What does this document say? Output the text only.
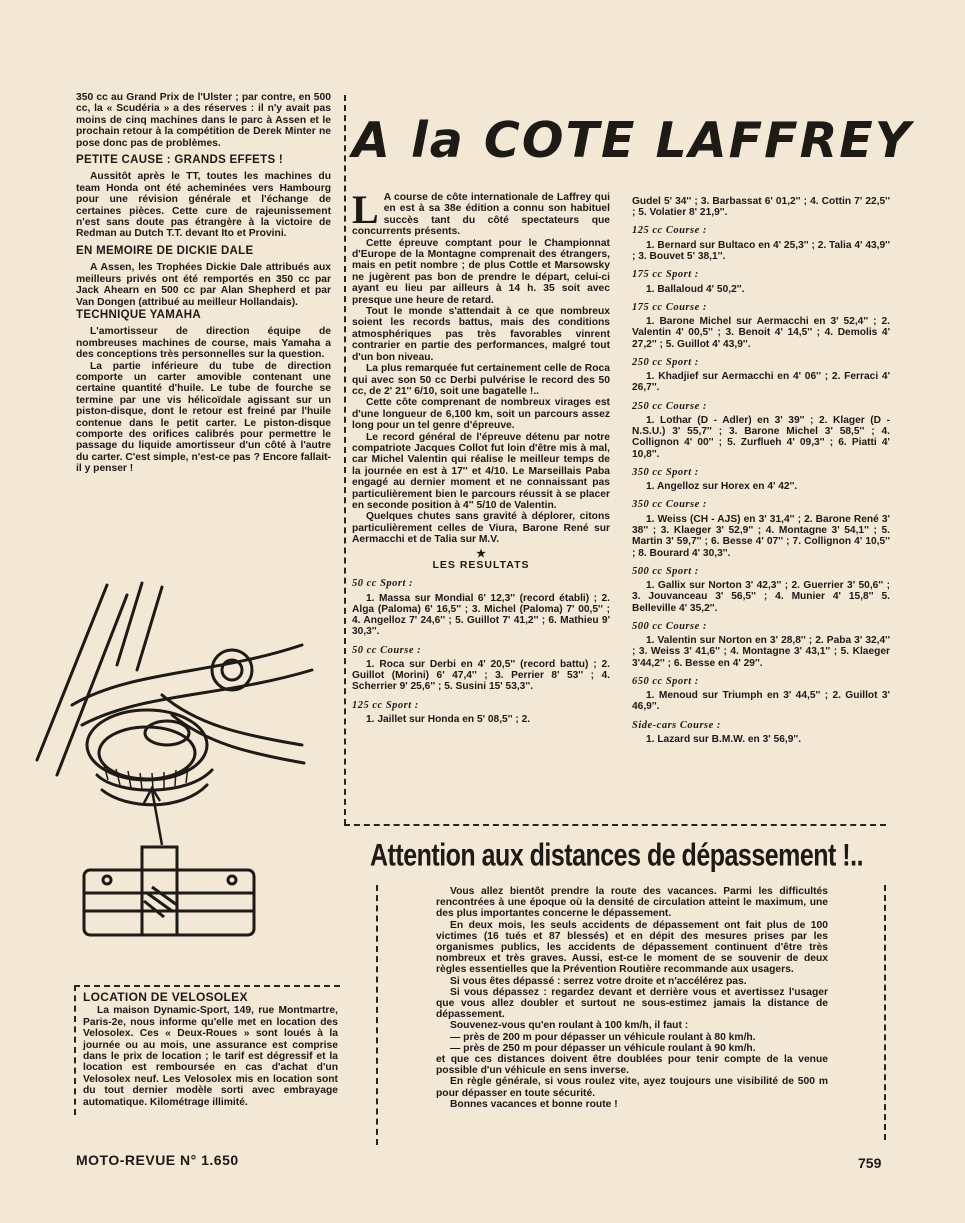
350 cc au Grand Prix de l'Ulster ; par contre, en 500 cc, la « Scudéria » a des réserves : il n'y avait pas moins de cinq machines dans le parc à Assen et le prochain retour à la compétition de Derek Minter ne pose donc pas de problèmes.

PETITE CAUSE : GRANDS EFFETS !

Aussitôt après le TT, toutes les machines du team Honda ont été acheminées vers Hambourg pour une révision générale et l'échange de certaines pièces. Cette cure de rajeunissement n'est sans doute pas étrangère à la victoire de Redman au Dutch T.T. devant Ito et Provini.

EN MEMOIRE DE DICKIE DALE

A Assen, les Trophées Dickie Dale attribués aux meilleurs privés ont été remportés en 350 cc par Jack Ahearn en 500 cc par Alan Shepherd et par Van Dongen (attribué au meilleur Hollandais).

TECHNIQUE YAMAHA

L'amortisseur de direction équipe de nombreuses machines de course, mais Yamaha a des conceptions très personnelles sur la question.

La partie inférieure du tube de direction comporte un carter amovible contenant une certaine quantité d'huile. Le tube de fourche se termine par une vis hélicoïdale agissant sur un piston-disque, dont le retour est freiné par l'huile contenue dans le petit carter. Le piston-disque comporte des orifices calibrés pour permettre le passage du liquide amortisseur d'un côté à l'autre du carter. C'est simple, n'est-ce pas ? Encore fallait-il y penser !

LOCATION DE VELOSOLEX

La maison Dynamic-Sport, 149, rue Montmartre, Paris-2e, nous informe qu'elle met en location des Velosolex. Ces « Deux-Roues » sont loués à la journée ou au mois, une assurance est comprise dans le prix de location ; le tarif est dégressif et la location est remboursée en cas d'achat d'un Velosolex neuf. Les Velosolex mis en location sont du tout dernier modèle sorti avec embrayage automatique. Kilométrage illimité.

A la COTE LAFFREY
L A course de côte internationale de Laffrey qui en est à sa 38e édition a connu son habituel succès tant du côté spectateurs que concurrents présents.

Cette épreuve comptant pour le Championnat d'Europe de la Montagne comprenait des étrangers, mais en petit nombre ; de plus Cottle et Marsowsky ne jugèrent pas bon de prendre le départ, celui-ci ayant eu lieu par ailleurs à 14 h. 35 soit avec presque une heure de retard.

Tout le monde s'attendait à ce que nombreux soient les records battus, mais des conditions atmosphériques pas très favorables vinrent contrarier en partie des performances, malgré tout d'un bon niveau.

La plus remarquée fut certainement celle de Roca qui avec son 50 cc Derbi pulvérise le record des 50 cc, de 2' 21'' 6/10, soit une bagatelle !..

Cette côte comprenant de nombreux virages est d'une longueur de 6,100 km, soit un parcours assez long pour un tel genre d'épreuve.

Le record général de l'épreuve détenu par notre compatriote Jacques Collot fut loin d'être mis à mal, car Michel Valentin qui réalise le meilleur temps de la journée en est à 17'' et 4/10. Le Marseillais Paba engagé au dernier moment et ne connaissant pas particulièrement bien le parcours réussit à se placer en seconde position à 4'' 5/10 de Valentin.

Quelques chutes sans gravité à déplorer, citons particulièrement celles de Viura, Barone René sur Aermacchi et de Talia sur M.V.

★
LES RESULTATS
50 cc Sport :

1. Massa sur Mondial 6' 12,3'' (record établi) ; 2. Alga (Paloma) 6' 16,5'' ; 3. Michel (Paloma) 7' 00,5'' ; 4. Angelloz 7' 24,6'' ; 5. Guillot 7' 41,2'' ; 6. Mathieu 9' 30,3''.

50 cc Course :

1. Roca sur Derbi en 4' 20,5'' (record battu) ; 2. Guillot (Morini) 6' 47,4'' ; 3. Perrier 8' 53'' ; 4. Scherrier 9' 25,6'' ; 5. Susini 15' 53,3''.

125 cc Sport :

1. Jaillet sur Honda en 5' 08,5'' ; 2.

Gudel 5' 34'' ; 3. Barbassat 6' 01,2'' ; 4. Cottin 7' 22,5'' ; 5. Volatier 8' 21,9''.

125 cc Course :

1. Bernard sur Bultaco en 4' 25,3'' ; 2. Talia 4' 43,9'' ; 3. Bouvet 5' 38,1''.

175 cc Sport :

1. Ballaloud 4' 50,2''.

175 cc Course :

1. Barone Michel sur Aermacchi en 3' 52,4'' ; 2. Valentin 4' 00,5'' ; 3. Benoit 4' 14,5'' ; 4. Demolis 4' 27,2'' ; 5. Guillot 4' 43,9''.

250 cc Sport :

1. Khadjief sur Aermacchi en 4' 06'' ; 2. Ferraci 4' 26,7''.

250 cc Course :

1. Lothar (D - Adler) en 3' 39'' ; 2. Klager (D - N.S.U.) 3' 55,7'' ; 3. Barone Michel 3' 58,5'' ; 4. Collignon 4' 00'' ; 5. Zurflueh 4' 09,3'' ; 6. Piatti 4' 10,8''.

350 cc Sport :

1. Angelloz sur Horex en 4' 42''.

350 cc Course :

1. Weiss (CH - AJS) en 3' 31,4'' ; 2. Barone René 3' 38'' ; 3. Klaeger 3' 52,9'' ; 4. Montagne 3' 54,1'' ; 5. Martin 3' 59,7'' ; 6. Besse 4' 07'' ; 7. Collignon 4' 10,5'' ; 8. Bourard 4' 30,3''.

500 cc Sport :

1. Gallix sur Norton 3' 42,3'' ; 2. Guerrier 3' 50,6'' ; 3. Jouvanceau 3' 56,5'' ; 4. Munier 4' 15,8'' 5. Belleville 4' 35,2''.

500 cc Course :

1. Valentin sur Norton en 3' 28,8'' ; 2. Paba 3' 32,4'' ; 3. Weiss 3' 41,6'' ; 4. Montagne 3' 43,1'' ; 5. Klaeger 3'44,2'' ; 6. Besse en 4' 29''.

650 cc Sport :

1. Menoud sur Triumph en 3' 44,5'' ; 2. Guillot 3' 46,9''.

Side-cars Course :

1. Lazard sur B.M.W. en 3' 56,9''.

Attention aux distances de dépassement !..

Vous allez bientôt prendre la route des vacances. Parmi les difficultés rencontrées à une époque où la densité de circulation atteint le maximum, une des plus importantes concerne le dépassement.

En deux mois, les seuls accidents de dépassement ont fait plus de 100 victimes (16 tués et 87 blessés) et en dépit des mesures prises par les organismes publics, les accidents de dépassement continuent d'être très nombreux et très graves. Aussi, est-ce le moment de se souvenir de deux règles essentielles que la Prévention Routière recommande aux usagers.

Si vous êtes dépassé : serrez votre droite et n'accélérez pas.

Si vous dépassez : regardez devant et derrière vous et avertissez l'usager que vous allez doubler et surtout ne sous-estimez jamais la distance de dépassement.

Souvenez-vous qu'en roulant à 100 km/h, il faut :

— près de 200 m pour dépasser un véhicule roulant à 80 km/h.

— près de 250 m pour dépasser un véhicule roulant à 90 km/h.

et que ces distances doivent être doublées pour tenir compte de la venue possible d'un véhicule en sens inverse.

En règle générale, si vous roulez vite, ayez toujours une visibilité de 500 m pour dépasser en toute sécurité.

Bonnes vacances et bonne route !

MOTO-REVUE N° 1.650	759
